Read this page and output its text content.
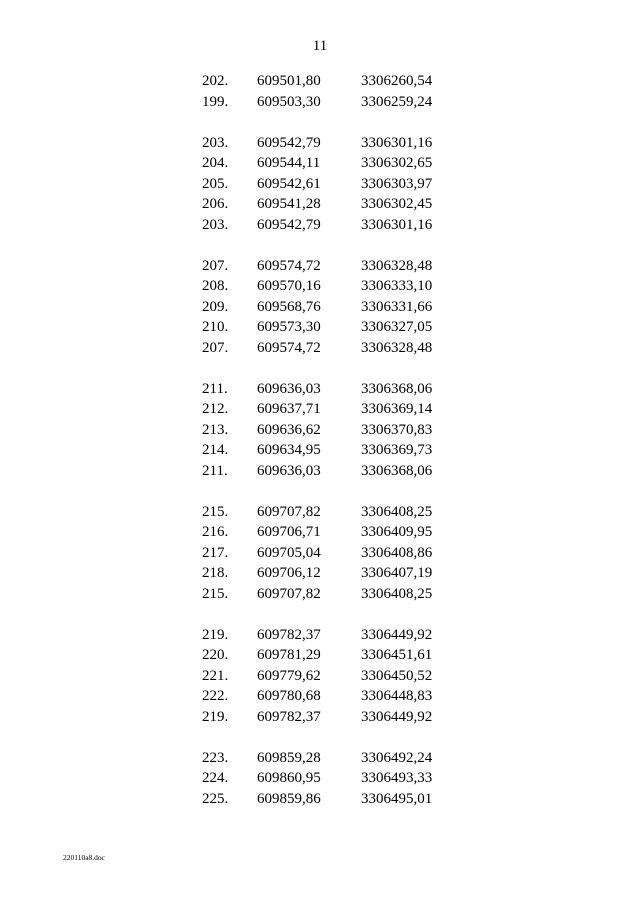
11
202. 609501,80	3306260,54
199. 609503,30	3306259,24
203. 609542,79	3306301,16
204. 609544,11	3306302,65
205. 609542,61	3306303,97
206. 609541,28	3306302,45
203. 609542,79	3306301,16
207. 609574,72	3306328,48
208. 609570,16	3306333,10
209. 609568,76	3306331,66
210. 609573,30	3306327,05
207. 609574,72	3306328,48
211. 609636,03	3306368,06
212. 609637,71	3306369,14
213. 609636,62	3306370,83
214. 609634,95	3306369,73
211. 609636,03	3306368,06
215. 609707,82	3306408,25
216. 609706,71	3306409,95
217. 609705,04	3306408,86
218. 609706,12	3306407,19
215. 609707,82	3306408,25
219. 609782,37	3306449,92
220. 609781,29	3306451,61
221. 609779,62	3306450,52
222. 609780,68	3306448,83
219. 609782,37	3306449,92
223. 609859,28	3306492,24
224. 609860,95	3306493,33
225. 609859,86	3306495,01
220110a8.doc
